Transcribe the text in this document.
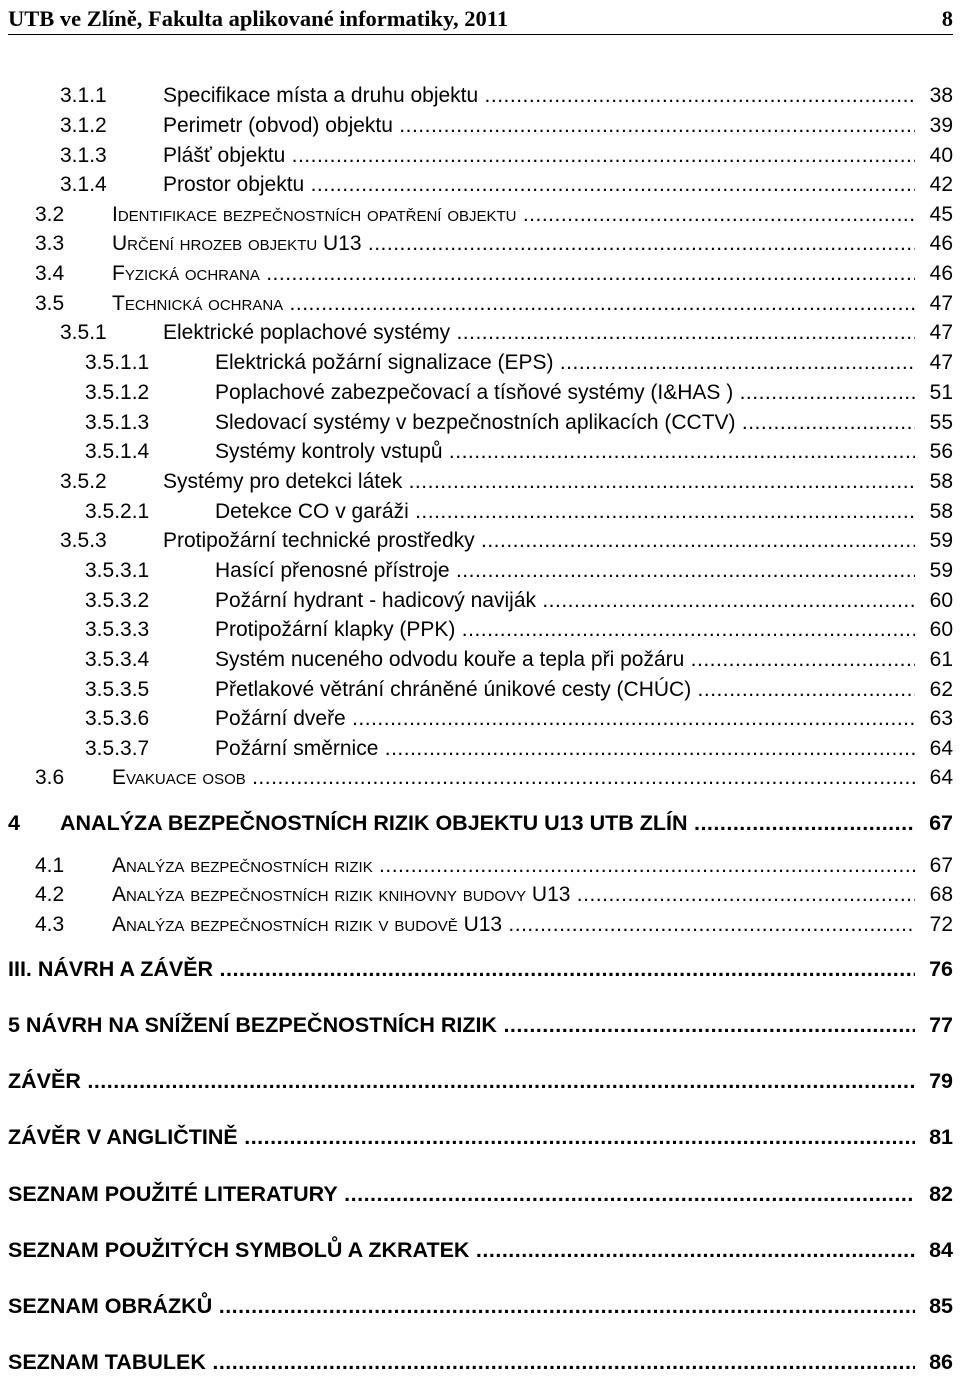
UTB ve Zlíně, Fakulta aplikované informatiky, 2011	8
3.1.1	Specifikace místa a druhu objektu .....	38
3.1.2	Perimetr (obvod) objektu .....	39
3.1.3	Plášť objektu .....	40
3.1.4	Prostor objektu .....	42
3.2 Identifikace bezpečnostních opatření objektu .....	45
3.3 Určení hrozeb objektu U13 .....	46
3.4 Fyzická ochrana .....	46
3.5 Technická ochrana .....	47
3.5.1	Elektrické poplachové systémy .....	47
3.5.1.1	Elektrická požární signalizace (EPS) .....	47
3.5.1.2	Poplachové zabezpečovací a tísňové systémy (I&HAS ) .....	51
3.5.1.3	Sledovací systémy v bezpečnostních aplikacích (CCTV) .....	55
3.5.1.4	Systémy kontroly vstupů .....	56
3.5.2	Systémy pro detekci látek .....	58
3.5.2.1	Detekce CO v garáži .....	58
3.5.3	Protipožární technické prostředky .....	59
3.5.3.1	Hasící přenosné přístroje .....	59
3.5.3.2	Požární hydrant - hadicový naviják .....	60
3.5.3.3	Protipožární klapky (PPK) .....	60
3.5.3.4	Systém nuceného odvodu kouře a tepla při požáru .....	61
3.5.3.5	Přetlakové větrání chráněné únikové cesty (CHÚC) .....	62
3.5.3.6	Požární dveře .....	63
3.5.3.7	Požární směrnice .....	64
3.6 Evakuace osob .....	64
4 ANALÝZA BEZPEČNOSTNÍCH RIZIK OBJEKTU U13 UTB ZLÍN .....	67
4.1 Analýza bezpečnostních rizik .....	67
4.2 Analýza bezpečnostních rizik knihovny budovy U13 .....	68
4.3 Analýza bezpečnostních rizik v budově U13 .....	72
III. NÁVRH A ZÁVĚR .....	76
5 NÁVRH NA SNÍŽENÍ BEZPEČNOSTNÍCH RIZIK .....	77
ZÁVĚR .....	79
ZÁVĚR V ANGLIČTINĚ .....	81
SEZNAM POUŽITÉ LITERATURY .....	82
SEZNAM POUŽITÝCH SYMBOLŮ A ZKRATEK .....	84
SEZNAM OBRÁZKŮ .....	85
SEZNAM TABULEK .....	86
